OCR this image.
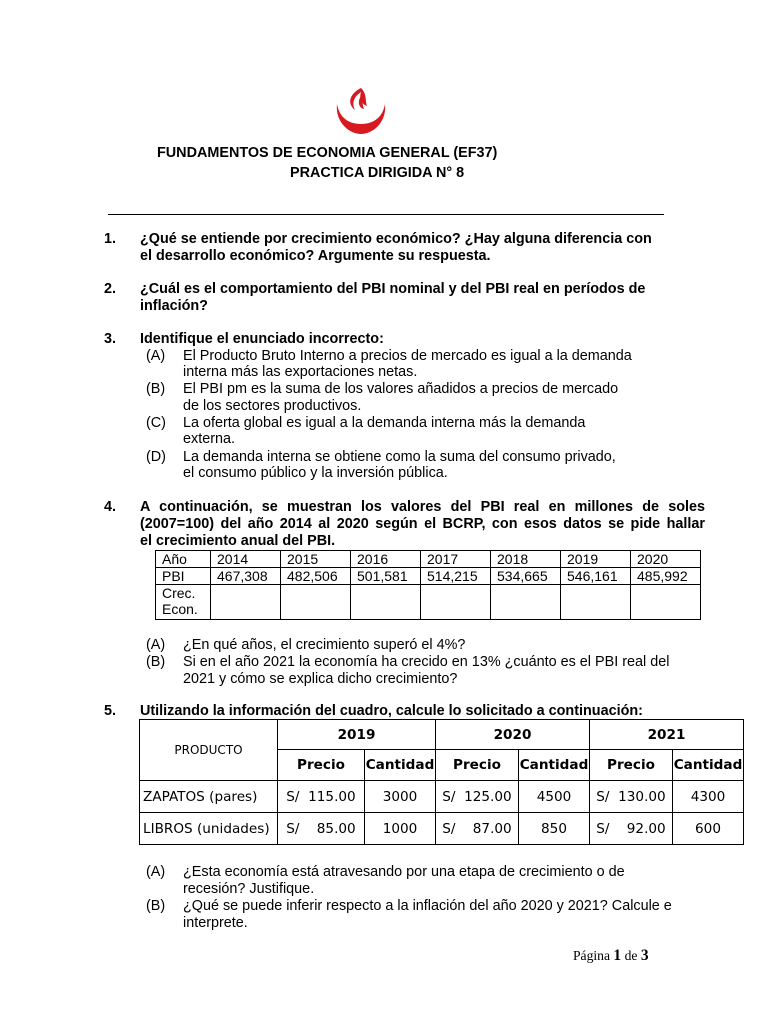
FUNDAMENTOS DE ECONOMIA GENERAL (EF37)
PRACTICA DIRIGIDA N° 8
1. ¿Qué se entiende por crecimiento económico? ¿Hay alguna diferencia con
el desarrollo económico? Argumente su respuesta.
2. ¿Cuál es el comportamiento del PBI nominal y del PBI real en períodos de
inflación?
3. Identifique el enunciado incorrecto:
(A) El Producto Bruto Interno a precios de mercado es igual a la demanda
interna más las exportaciones netas.
(B) El PBI pm es la suma de los valores añadidos a precios de mercado
de los sectores productivos.
(C) La oferta global es igual a la demanda interna más la demanda
externa.
(D) La demanda interna se obtiene como la suma del consumo privado,
el consumo público y la inversión pública.
4. A continuación, se muestran los valores del PBI real en millones de soles
(2007=100) del año 2014 al 2020 según el BCRP, con esos datos se pide hallar
el crecimiento anual del PBI.
Año	2014	2015	2016	2017	2018	2019	2020
PBI	467,308	482,506	501,581	514,215	534,665	546,161	485,992
Crec.
Econ.							
(A) ¿En qué años, el crecimiento superó el 4%?
(B) Si en el año 2021 la economía ha crecido en 13% ¿cuánto es el PBI real del
2021 y cómo se explica dicho crecimiento?
5. Utilizando la información del cuadro, calcule lo solicitado a continuación:
PRODUCTO	2019		2020		2021	
	Precio	Cantidad	Precio	Cantidad	Precio	Cantidad
ZAPATOS (pares)	S/  115.00	3000	S/  125.00	4500	S/  130.00	4300
LIBROS (unidades)	S/    85.00	1000	S/    87.00	850	S/    92.00	600
(A) ¿Esta economía está atravesando por una etapa de crecimiento o de
recesión? Justifique.
(B) ¿Qué se puede inferir respecto a la inflación del año 2020 y 2021? Calcule e
interprete.
Página 1 de 3
